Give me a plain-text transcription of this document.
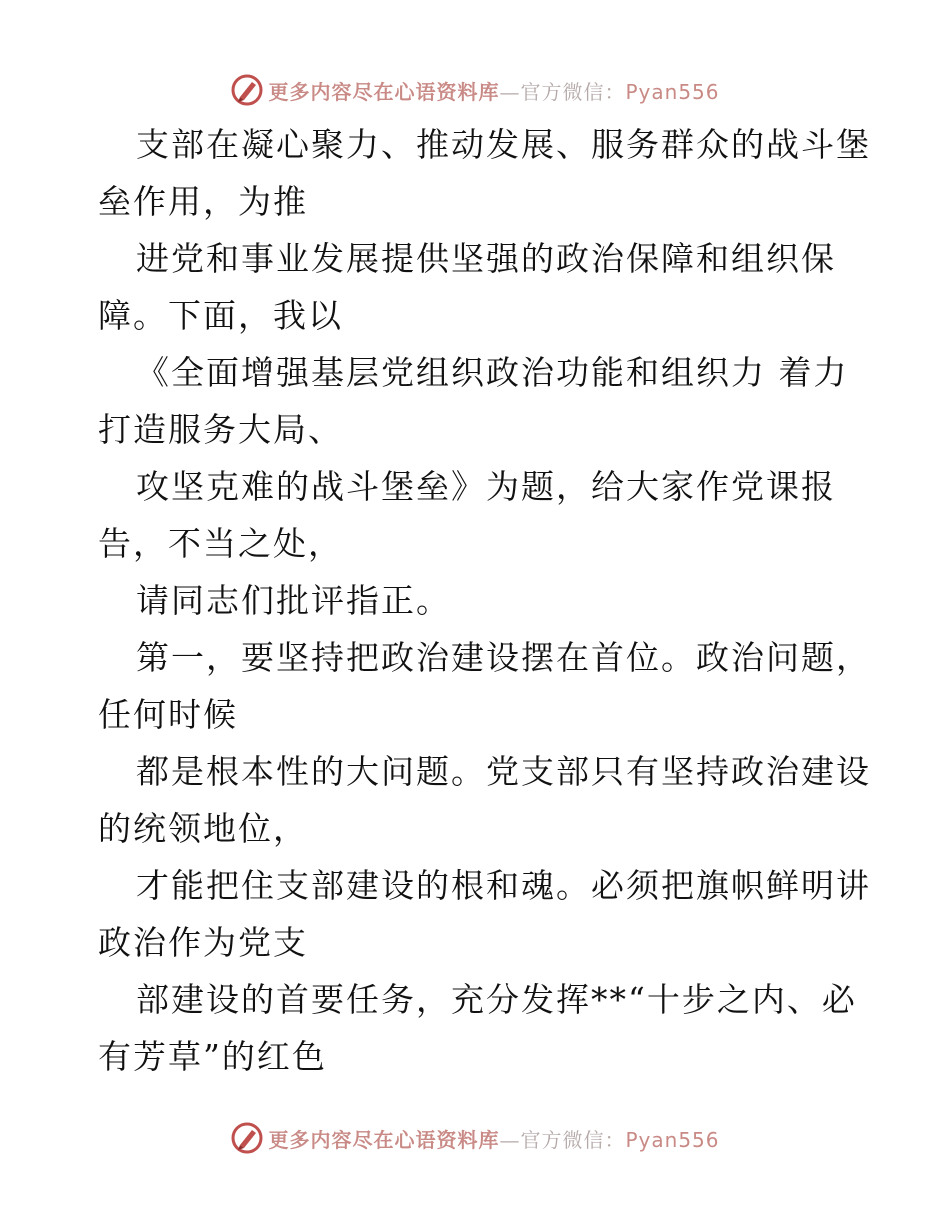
更多内容尽在心语资料库—官方微信：Pyan556
支部在凝心聚力、推动发展、服务群众的战斗堡
垒作用，为推
进党和事业发展提供坚强的政治保障和组织保
障。下面，我以
《全面增强基层党组织政治功能和组织力 着力
打造服务大局、
攻坚克难的战斗堡垒》为题，给大家作党课报
告，不当之处，
请同志们批评指正。
第一，要坚持把政治建设摆在首位。政治问题，
任何时候
都是根本性的大问题。党支部只有坚持政治建设
的统领地位，
才能把住支部建设的根和魂。必须把旗帜鲜明讲
政治作为党支
部建设的首要任务，充分发挥**“十步之内、必
有芳草”的红色
更多内容尽在心语资料库—官方微信：Pyan556
